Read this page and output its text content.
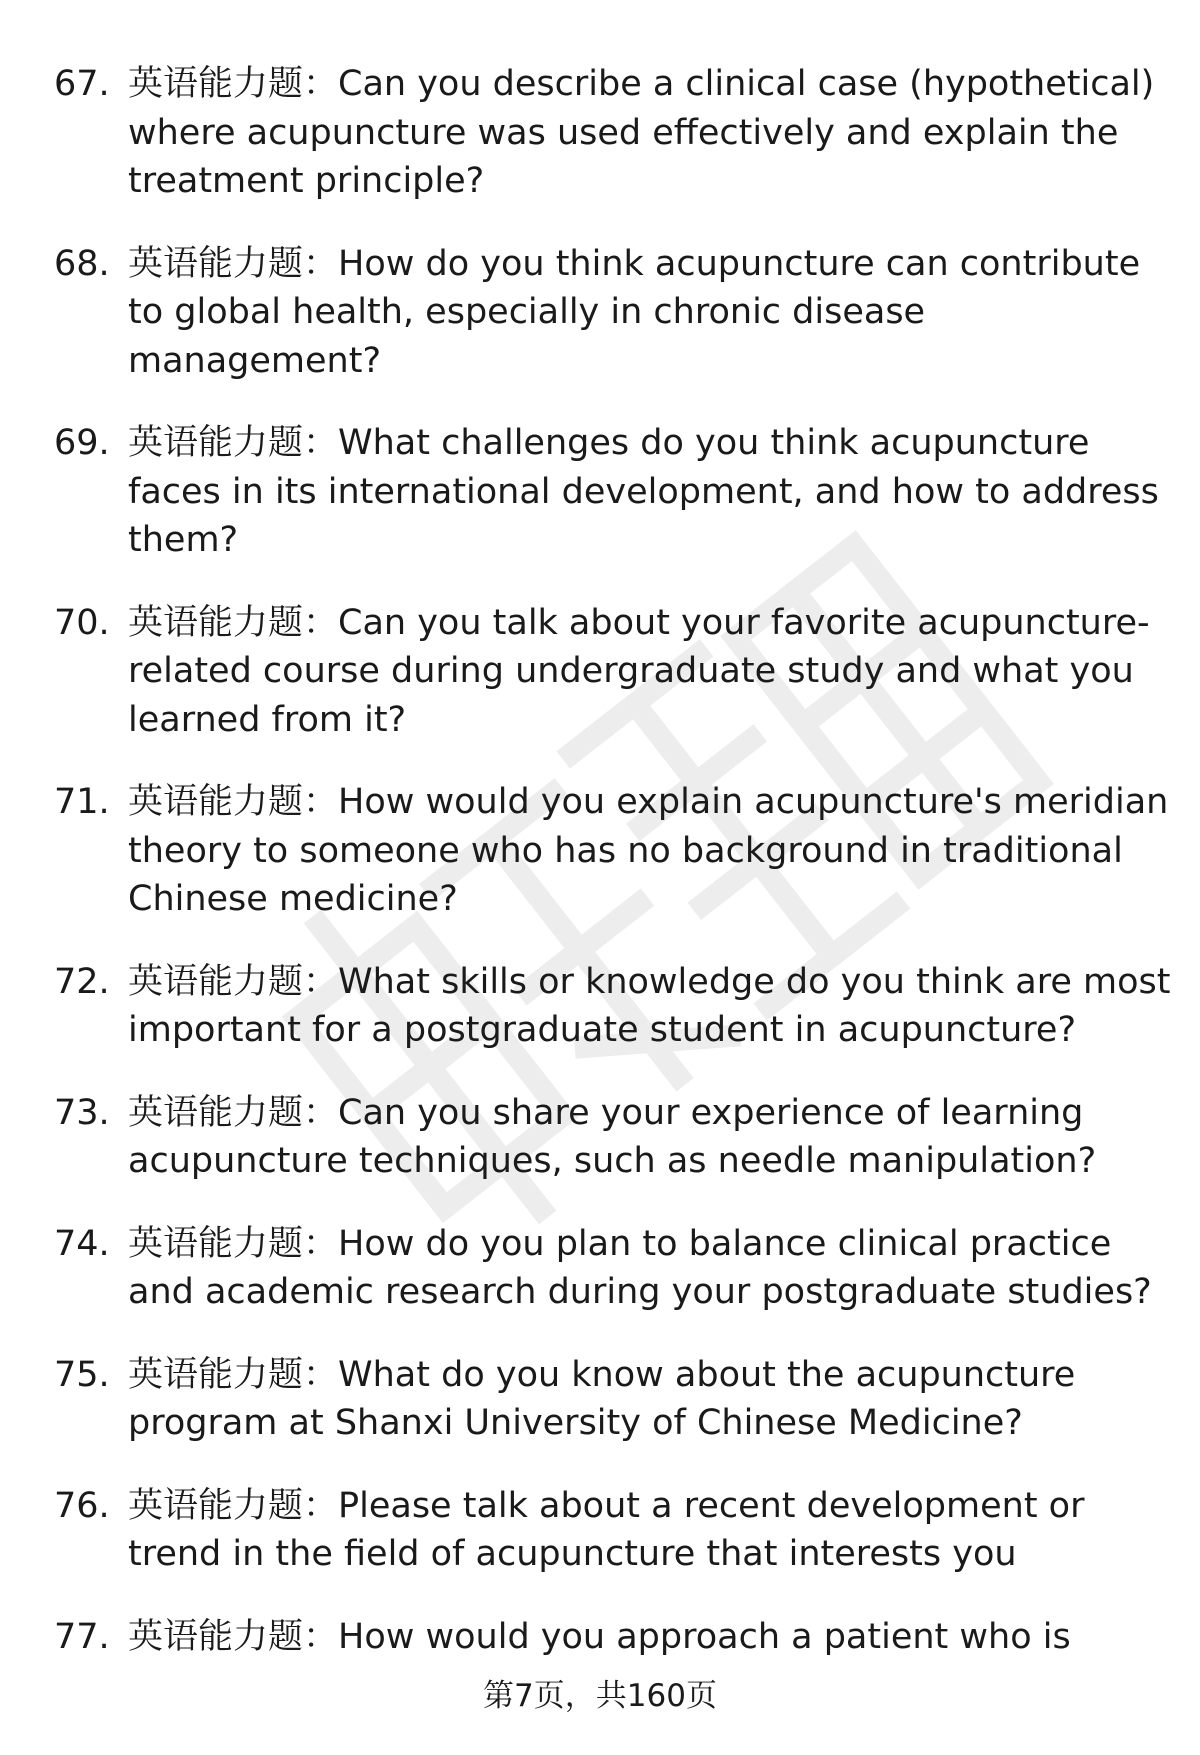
67. 英语能力题：Can you describe a clinical case (hypothetical) where acupuncture was used effectively and explain the treatment principle?
68. 英语能力题：How do you think acupuncture can contribute to global health, especially in chronic disease management?
69. 英语能力题：What challenges do you think acupuncture faces in its international development, and how to address them?
70. 英语能力题：Can you talk about your favorite acupuncture-related course during undergraduate study and what you learned from it?
71. 英语能力题：How would you explain acupuncture's meridian theory to someone who has no background in traditional Chinese medicine?
72. 英语能力题：What skills or knowledge do you think are most important for a postgraduate student in acupuncture?
73. 英语能力题：Can you share your experience of learning acupuncture techniques, such as needle manipulation?
74. 英语能力题：How do you plan to balance clinical practice and academic research during your postgraduate studies?
75. 英语能力题：What do you know about the acupuncture program at Shanxi University of Chinese Medicine?
76. 英语能力题：Please talk about a recent development or trend in the field of acupuncture that interests you
77. 英语能力题：How would you approach a patient who is
第7页，共160页
